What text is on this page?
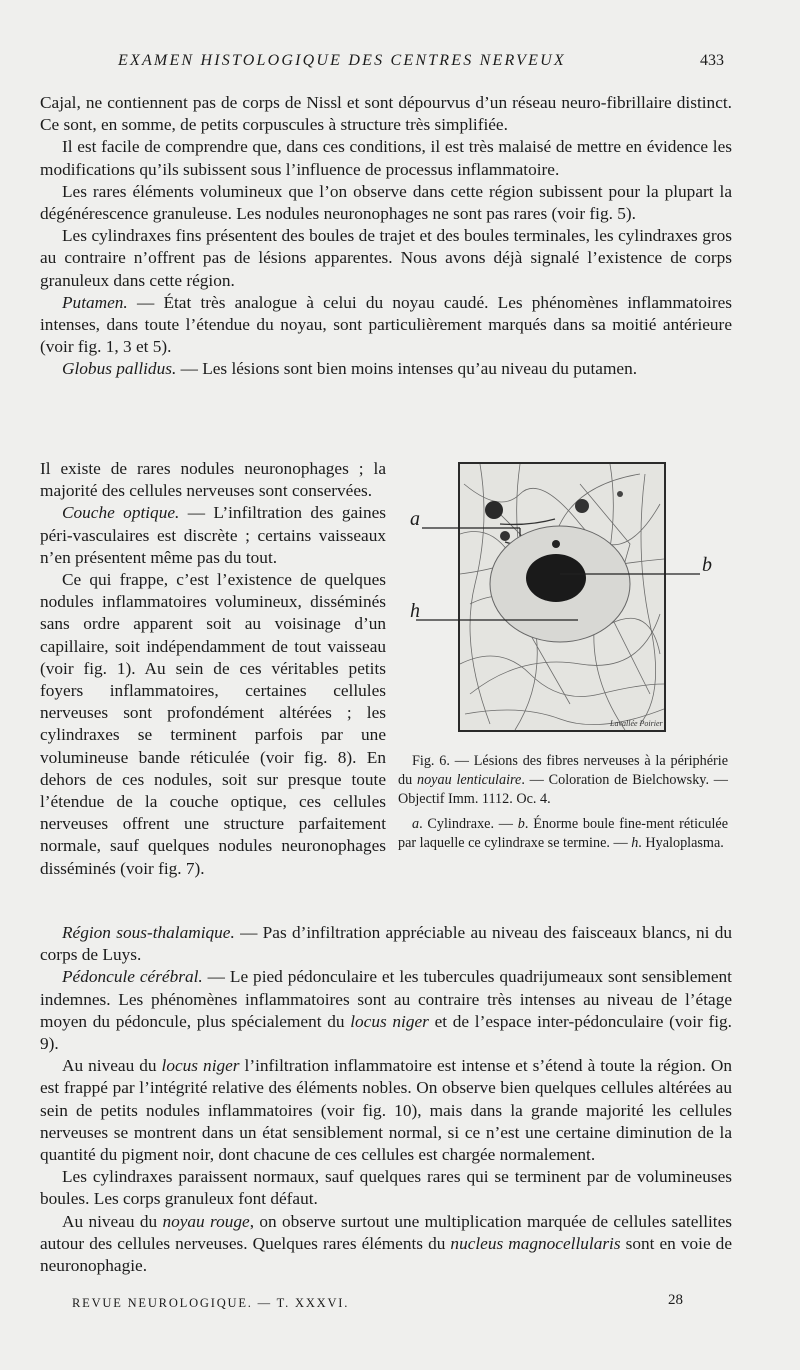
EXAMEN HISTOLOGIQUE DES CENTRES NERVEUX	433

Cajal, ne contiennent pas de corps de Nissl et sont dépourvus d’un réseau neuro-fibrillaire distinct. Ce sont, en somme, de petits corpuscules à structure très simplifiée.

Il est facile de comprendre que, dans ces conditions, il est très malaisé de mettre en évidence les modifications qu’ils subissent sous l’influence de processus inflammatoire.

Les rares éléments volumineux que l’on observe dans cette région subissent pour la plupart la dégénérescence granuleuse. Les nodules neuronophages ne sont pas rares (voir fig. 5).

Les cylindraxes fins présentent des boules de trajet et des boules terminales, les cylindraxes gros au contraire n’offrent pas de lésions apparentes. Nous avons déjà signalé l’existence de corps granuleux dans cette région.

Putamen. — État très analogue à celui du noyau caudé. Les phénomènes inflammatoires intenses, dans toute l’étendue du noyau, sont particulièrement marqués dans sa moitié antérieure (voir fig. 1, 3 et 5).

Globus pallidus. — Les lésions sont bien moins intenses qu’au niveau du putamen.

Il existe de rares nodules neuronophages ; la majorité des cellules nerveuses sont conservées.

Couche optique. — L’infiltration des gaines péri-vasculaires est discrète ; certains vaisseaux n’en présentent même pas du tout.

Ce qui frappe, c’est l’existence de quelques nodules inflammatoires volumineux, disséminés sans ordre apparent soit au voisinage d’un capillaire, soit indépendamment de tout vaisseau (voir fig. 1). Au sein de ces véritables petits foyers inflammatoires, certaines cellules nerveuses sont profondément altérées ; les cylindraxes se terminent parfois par une volumineuse bande réticulée (voir fig. 8). En dehors de ces nodules, soit sur presque toute l’étendue de la couche optique, ces cellules nerveuses offrent une structure parfaitement normale, sauf quelques nodules neuronophages disséminés (voir fig. 7).

Lavallée Poirier
a
b
h

Fig. 6. — Lésions des fibres nerveuses à la périphérie du noyau lenticulaire. — Coloration de Bielchowsky. — Objectif Imm. 1112. Oc. 4.

a. Cylindraxe. — b. Énorme boule fine-ment réticulée par laquelle ce cylindraxe se termine. — h. Hyaloplasma.

Région sous-thalamique. — Pas d’infiltration appréciable au niveau des faisceaux blancs, ni du corps de Luys.

Pédoncule cérébral. — Le pied pédonculaire et les tubercules quadrijumeaux sont sensiblement indemnes. Les phénomènes inflammatoires sont au contraire très intenses au niveau de l’étage moyen du pédoncule, plus spécialement du locus niger et de l’espace inter-pédonculaire (voir fig. 9).

Au niveau du locus niger l’infiltration inflammatoire est intense et s’étend à toute la région. On est frappé par l’intégrité relative des éléments nobles. On observe bien quelques cellules altérées au sein de petits nodules inflammatoires (voir fig. 10), mais dans la grande majorité les cellules nerveuses se montrent dans un état sensiblement normal, si ce n’est une certaine diminution de la quantité du pigment noir, dont chacune de ces cellules est chargée normalement.

Les cylindraxes paraissent normaux, sauf quelques rares qui se terminent par de volumineuses boules. Les corps granuleux font défaut.

Au niveau du noyau rouge, on observe surtout une multiplication marquée de cellules satellites autour des cellules nerveuses. Quelques rares éléments du nucleus magnocellularis sont en voie de neuronophagie.

REVUE NEUROLOGIQUE. — T. XXXVI.	28
